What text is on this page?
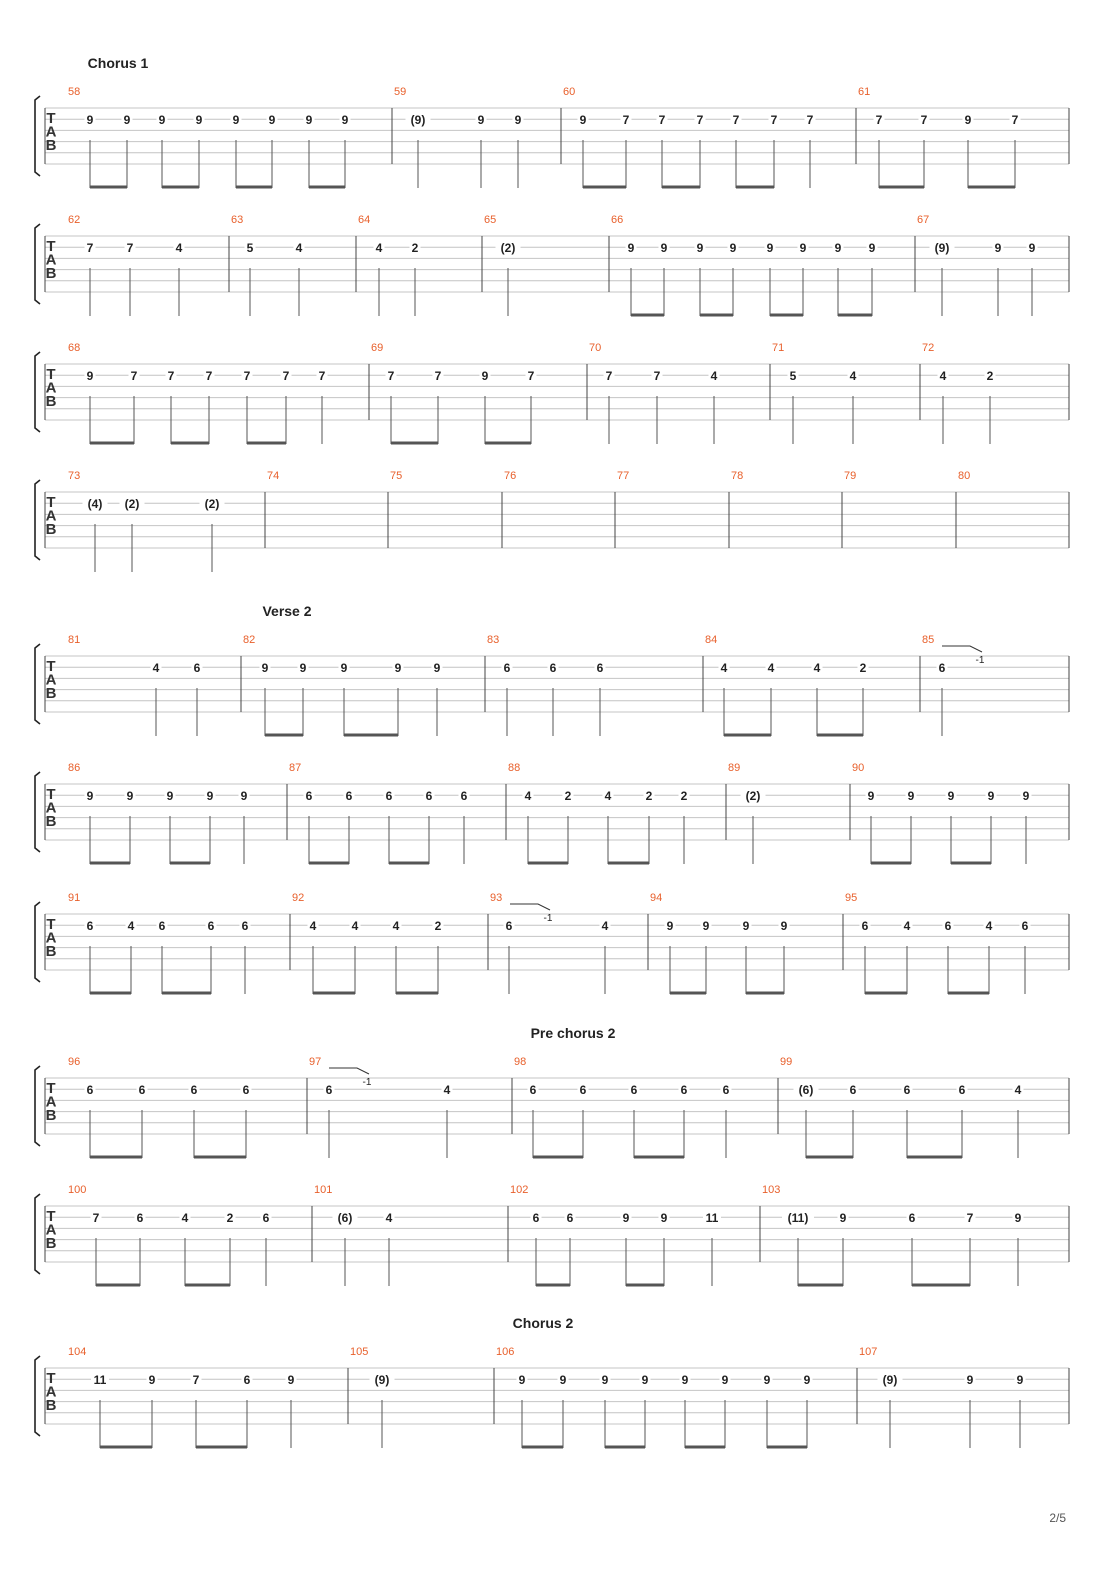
Chorus 1
T
A
B
58
9	9 9	9	9 9	9 9
59
(9)	9	9
60
9	7 7	7 7	7 7
61
7	7	9	7
T
A
B
62
7	7	4
63
5	4
64
4 2
65
(2)
66
9 9 9 9	9 9 9 9
67
(9)	9 9
T
A
B
68
9	7	7	7	7	7 7
69
7	7	9	7
70
7	7	4
71
5	4
72
4	2
T
A
B
73
(4) (2)	(2)
74	75	76	77	78	79	80
Verse 2
T
A
B
81
4	6
82
9	9	9	9	9
83
6	6	6
84
4	4	4	2
85
6
-1
T
A
B
86
9	9	9	9 9
87
6	6	6	6 6
88
4	2	4	2 2
89
(2)
90
9	9	9	9 9
T
A
B
91
6	4 6	6 6
92
4	4	4	2
93
6	4
-1
94
9 9	9	9
95
6	4	6	4 6
Pre chorus 2
T
A
B
96
6	6	6	6
97
6	4
-1
98
6	6	6	6	6
99
(6)	6	6	6	4
T
A
B
100
7	6	4	2 6
101
(6)	4
102
6 6	9	9	11
103
(11)	9	6	7	9
Chorus 2
T
A
B
104
11	9	7	6	9
105
(9)
106
9	9	9	9	9	9	9	9
107
(9)	9	9
2/5
